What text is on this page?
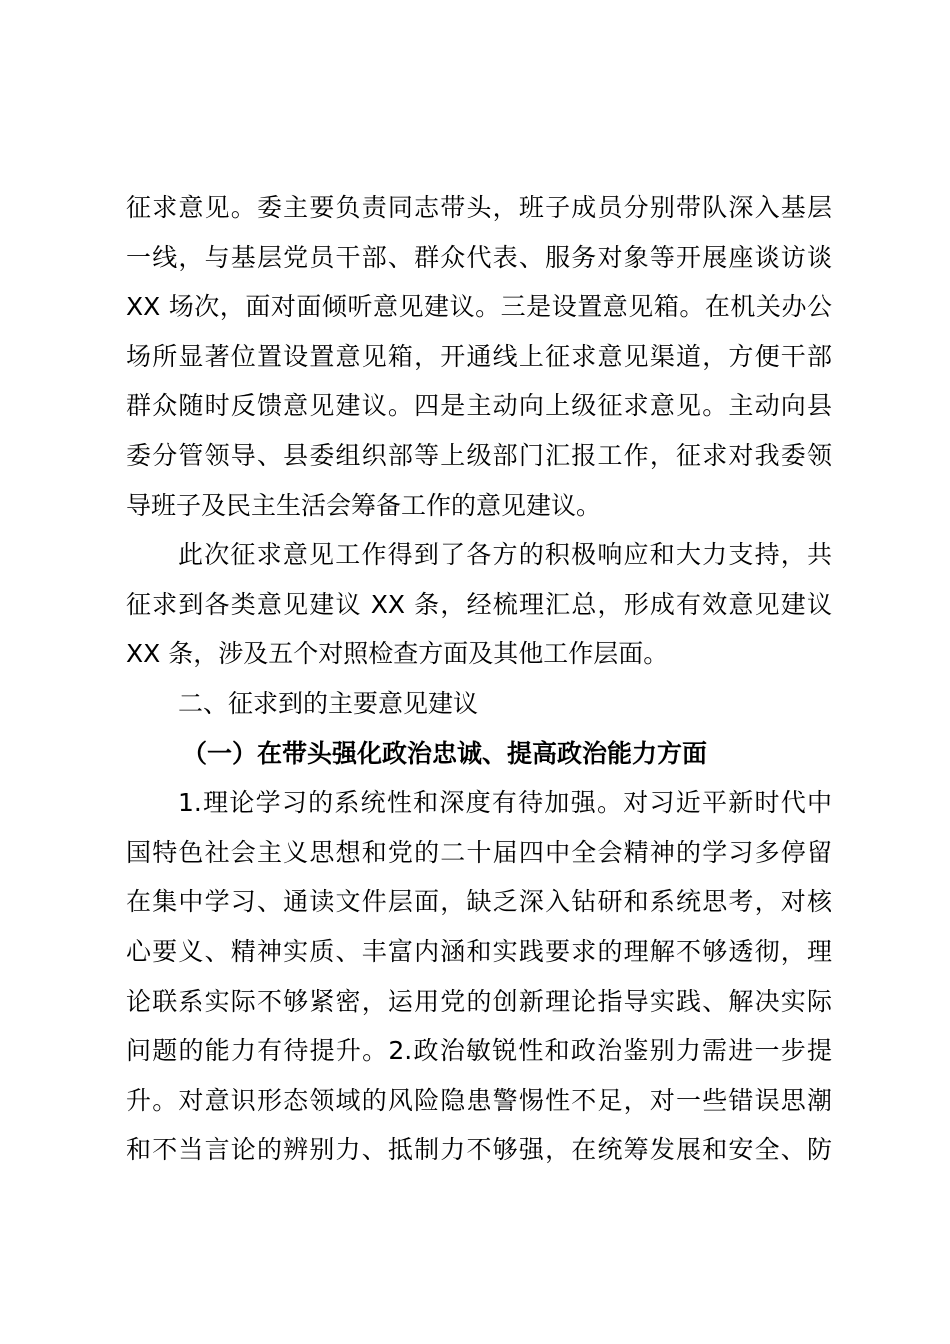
征求意见。委主要负责同志带头，班子成员分别带队深入基层
一线，与基层党员干部、群众代表、服务对象等开展座谈访谈
XX 场次，面对面倾听意见建议。三是设置意见箱。在机关办公
场所显著位置设置意见箱，开通线上征求意见渠道，方便干部
群众随时反馈意见建议。四是主动向上级征求意见。主动向县
委分管领导、县委组织部等上级部门汇报工作，征求对我委领
导班子及民主生活会筹备工作的意见建议。
此次征求意见工作得到了各方的积极响应和大力支持，共
征求到各类意见建议 XX 条，经梳理汇总，形成有效意见建议
XX 条，涉及五个对照检查方面及其他工作层面。
二、征求到的主要意见建议
（一）在带头强化政治忠诚、提高政治能力方面
1.理论学习的系统性和深度有待加强。对习近平新时代中
国特色社会主义思想和党的二十届四中全会精神的学习多停留
在集中学习、通读文件层面，缺乏深入钻研和系统思考，对核
心要义、精神实质、丰富内涵和实践要求的理解不够透彻，理
论联系实际不够紧密，运用党的创新理论指导实践、解决实际
问题的能力有待提升。2.政治敏锐性和政治鉴别力需进一步提
升。对意识形态领域的风险隐患警惕性不足，对一些错误思潮
和不当言论的辨别力、抵制力不够强，在统筹发展和安全、防
